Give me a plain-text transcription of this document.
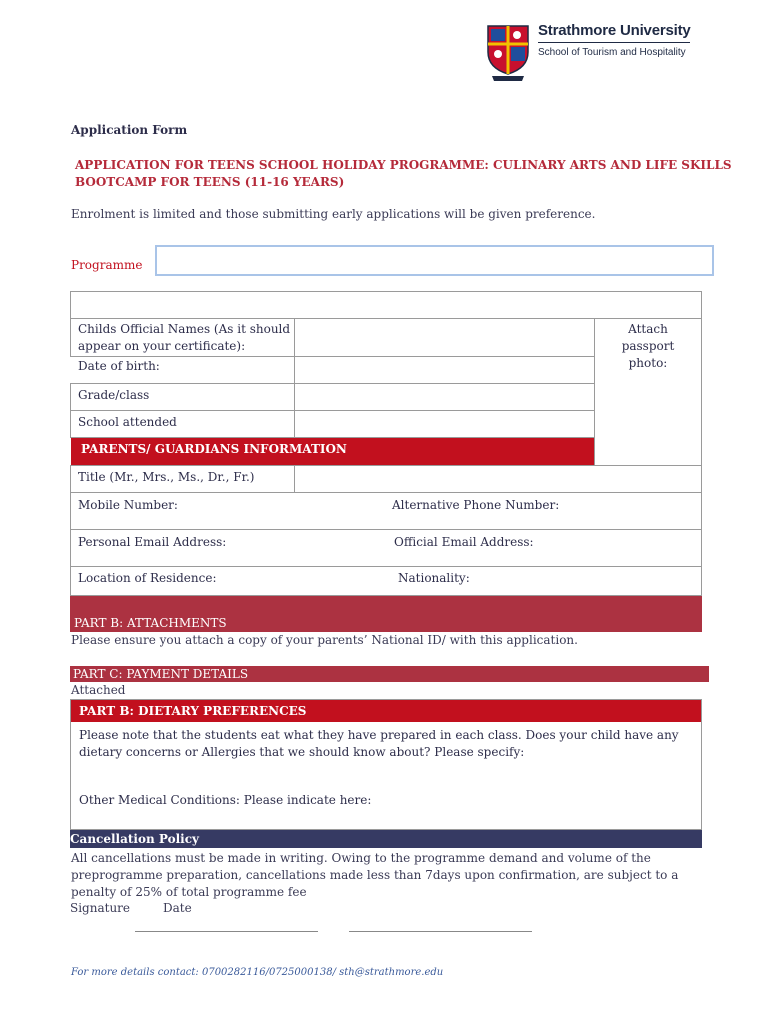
Strathmore University
School of Tourism and Hospitality
Application Form
APPLICATION FOR TEENS SCHOOL HOLIDAY PROGRAMME: CULINARY ARTS AND LIFE SKILLS
BOOTCAMP FOR TEENS (11-16 YEARS)
Enrolment is limited and those submitting early applications will be given preference.
Programme
Childs Official Names (As it should
appear on your certificate):
Date of birth:
Grade/class
School attended
Attach
passport
photo:
PARENTS/ GUARDIANS INFORMATION
Title (Mr., Mrs., Ms., Dr., Fr.)
Mobile Number:	Alternative Phone Number:
Personal Email Address:	Official Email Address:
Location of Residence:	Nationality:
PART B: ATTACHMENTS
Please ensure you attach a copy of your parents’ National ID/ with this application.
PART C: PAYMENT DETAILS
Attached
PART B: DIETARY PREFERENCES
Please note that the students eat what they have prepared in each class. Does your child have any
dietary concerns or Allergies that we should know about? Please specify:
Other Medical Conditions: Please indicate here:
Cancellation Policy
All cancellations must be made in writing. Owing to the programme demand and volume of the
preprogramme preparation, cancellations made less than 7days upon confirmation, are subject to a
penalty of 25% of total programme fee
Signature	Date
For more details contact: 0700282116/0725000138/ sth@strathmore.edu
